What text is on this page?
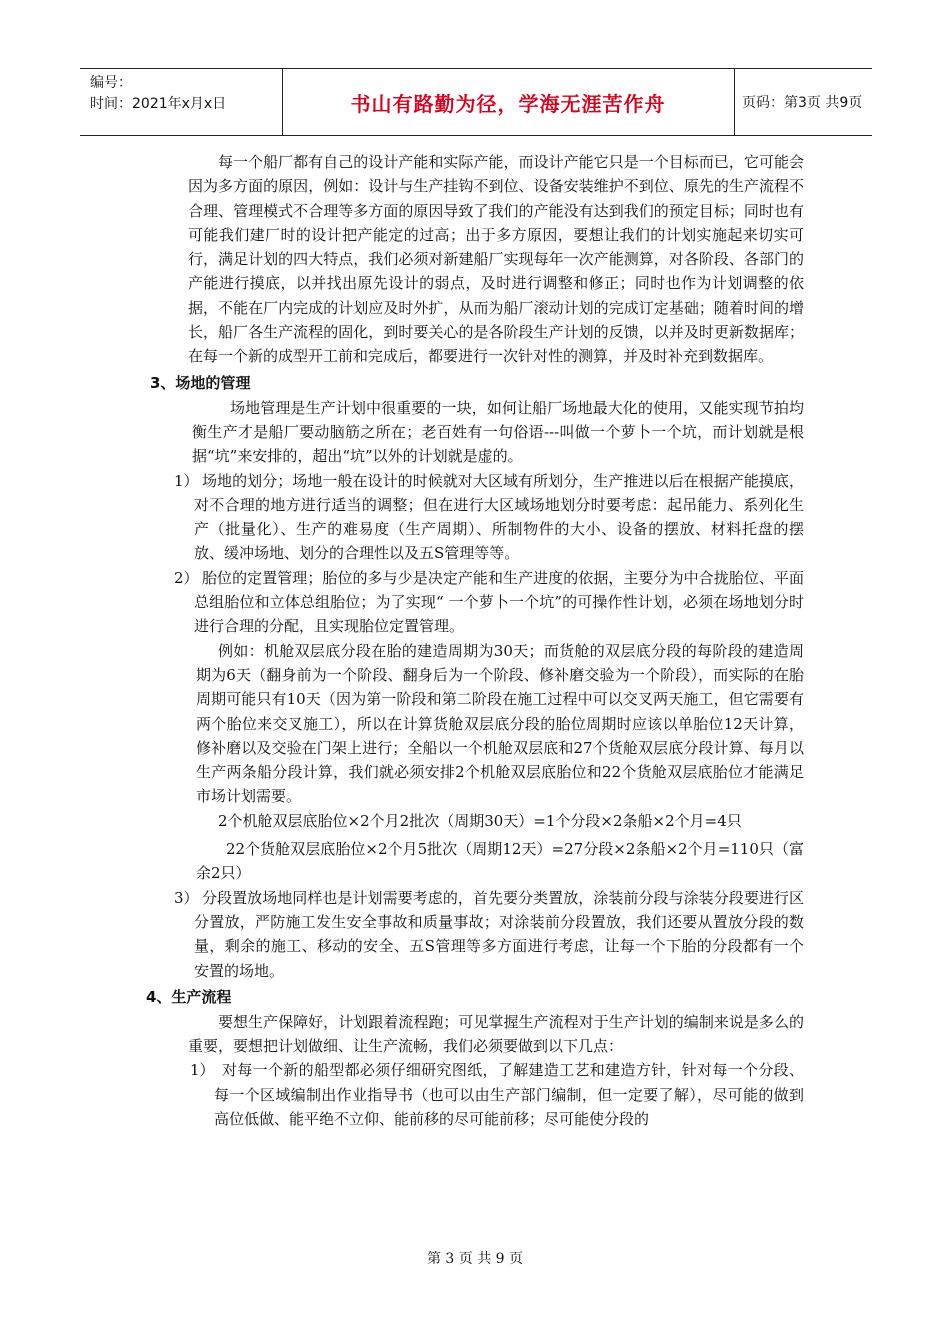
编号：
时间：2021年x月x日	书山有路勤为径，学海无涯苦作舟	页码：第3页 共9页

每一个船厂都有自己的设计产能和实际产能，而设计产能它只是一个目标而已，它可能会因为多方面的原因，例如：设计与生产挂钩不到位、设备安装维护不到位、原先的生产流程不合理、管理模式不合理等多方面的原因导致了我们的产能没有达到我们的预定目标；同时也有可能我们建厂时的设计把产能定的过高；出于多方原因，要想让我们的计划实施起来切实可行，满足计划的四大特点，我们必须对新建船厂实现每年一次产能测算，对各阶段、各部门的产能进行摸底，以并找出原先设计的弱点，及时进行调整和修正；同时也作为计划调整的依据，不能在厂内完成的计划应及时外扩，从而为船厂滚动计划的完成订定基础；随着时间的增长，船厂各生产流程的固化，到时要关心的是各阶段生产计划的反馈，以并及时更新数据库；在每一个新的成型开工前和完成后，都要进行一次针对性的测算，并及时补充到数据库。

3、场地的管理

场地管理是生产计划中很重要的一块，如何让船厂场地最大化的使用，又能实现节拍均衡生产才是船厂要动脑筋之所在；老百姓有一句俗语---叫做一个萝卜一个坑，而计划就是根据“坑”来安排的，超出“坑”以外的计划就是虚的。

1） 场地的划分；场地一般在设计的时候就对大区域有所划分，生产推进以后在根据产能摸底，对不合理的地方进行适当的调整；但在进行大区域场地划分时要考虑：起吊能力、系列化生产（批量化）、生产的难易度（生产周期）、所制物件的大小、设备的摆放、材料托盘的摆放、缓冲场地、划分的合理性以及五S管理等等。

2） 胎位的定置管理；胎位的多与少是决定产能和生产进度的依据，主要分为中合拢胎位、平面总组胎位和立体总组胎位；为了实现“ 一个萝卜一个坑”的可操作性计划，必须在场地划分时进行合理的分配，且实现胎位定置管理。

例如：机舱双层底分段在胎的建造周期为30天；而货舱的双层底分段的每阶段的建造周期为6天（翻身前为一个阶段、翻身后为一个阶段、修补磨交验为一个阶段），而实际的在胎周期可能只有10天（因为第一阶段和第二阶段在施工过程中可以交叉两天施工，但它需要有两个胎位来交叉施工），所以在计算货舱双层底分段的胎位周期时应该以单胎位12天计算，修补磨以及交验在门架上进行；全船以一个机舱双层底和27个货舱双层底分段计算、每月以生产两条船分段计算，我们就必须安排2个机舱双层底胎位和22个货舱双层底胎位才能满足市场计划需要。

2个机舱双层底胎位×2个月2批次（周期30天）=1个分段×2条船×2个月=4只

22个货舱双层底胎位×2个月5批次（周期12天）=27分段×2条船×2个月=110只（富余2只）

3） 分段置放场地同样也是计划需要考虑的，首先要分类置放，涂装前分段与涂装分段要进行区分置放，严防施工发生安全事故和质量事故；对涂装前分段置放，我们还要从置放分段的数量，剩余的施工、移动的安全、五S管理等多方面进行考虑，让每一个下胎的分段都有一个安置的场地。

4、生产流程

要想生产保障好，计划跟着流程跑；可见掌握生产流程对于生产计划的编制来说是多么的重要，要想把计划做细、让生产流畅，我们必须要做到以下几点：

1） 对每一个新的船型都必须仔细研究图纸，了解建造工艺和建造方针，针对每一个分段、每一个区域编制出作业指导书（也可以由生产部门编制，但一定要了解），尽可能的做到高位低做、能平绝不立仰、能前移的尽可能前移；尽可能使分段的

第 3 页 共 9 页
